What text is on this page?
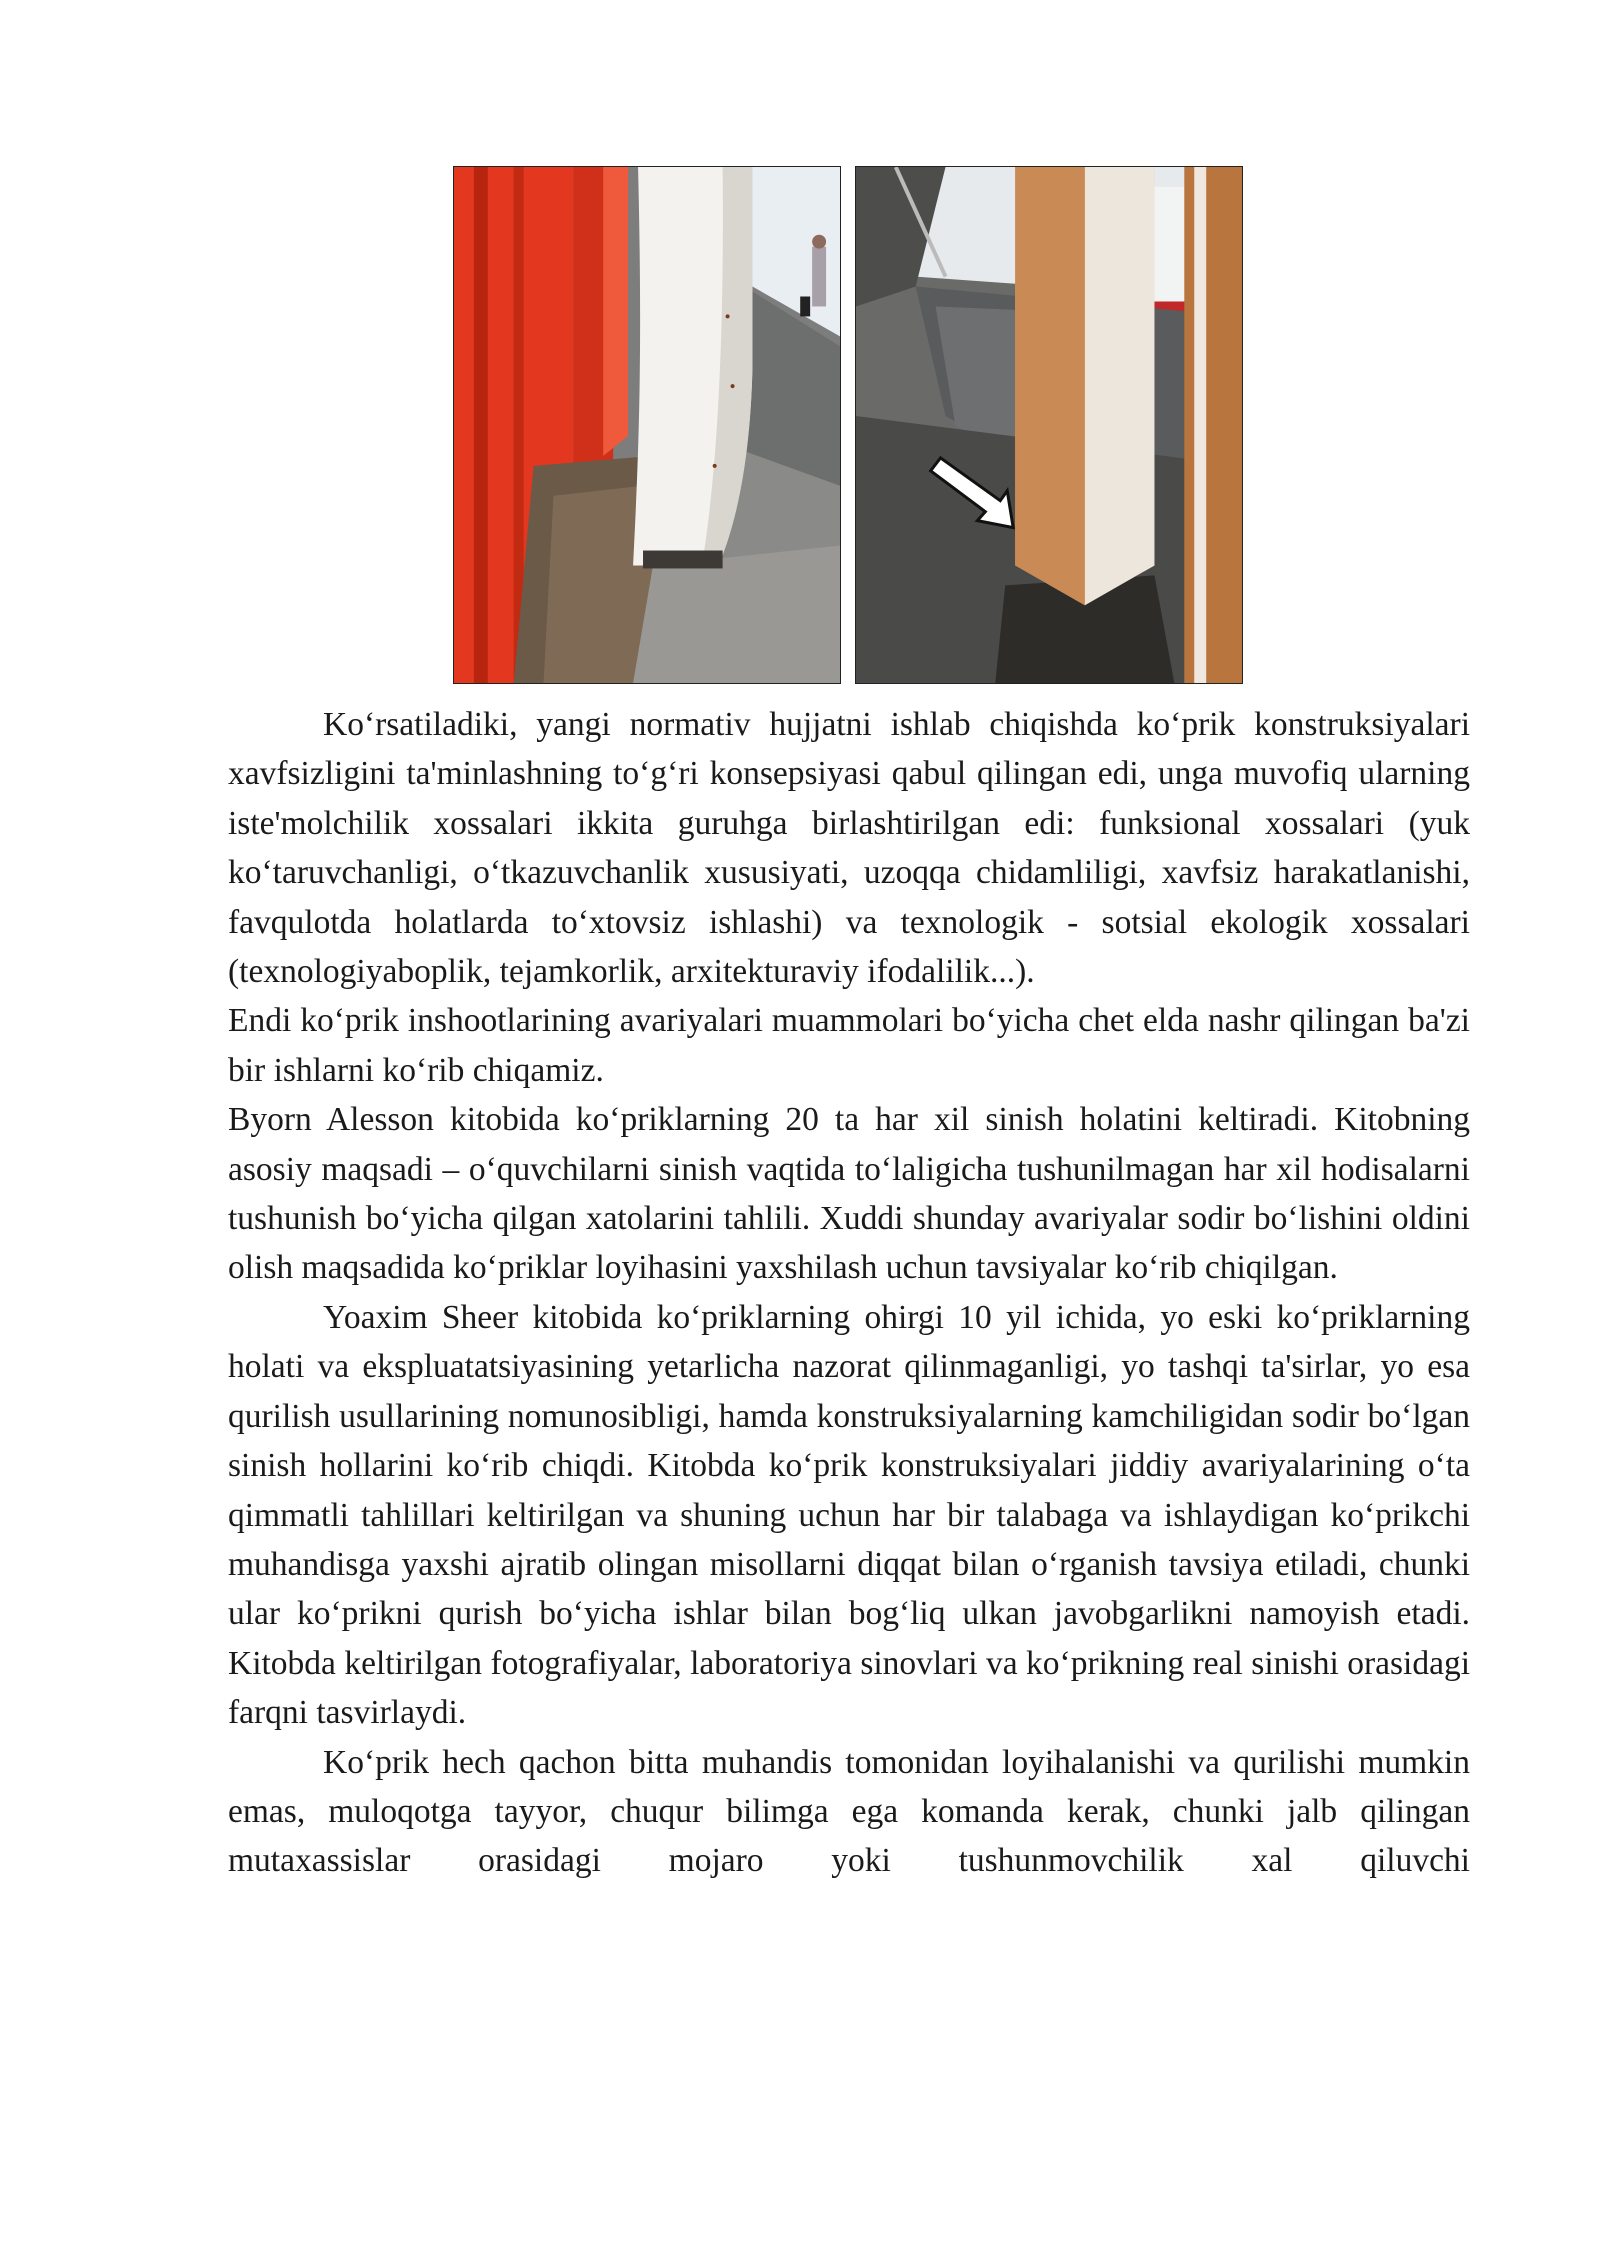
Koʻrsatiladiki, yangi normativ hujjatni ishlab chiqishda koʻprik konstruksiyalari xavfsizligini ta'minlashning toʻgʻri konsepsiyasi qabul qilingan edi, unga muvofiq ularning iste'molchilik xossalari ikkita guruhga birlashtirilgan edi: funksional xossalari (yuk koʻtaruvchanligi, oʻtkazuvchanlik xususiyati, uzoqqa chidamliligi, xavfsiz harakatlanishi, favqulotda holatlarda toʻxtovsiz ishlashi) va texnologik - sotsial ekologik xossalari (texnologiyaboplik, tejamkorlik, arxitekturaviy ifodalilik...).

Endi koʻprik inshootlarining avariyalari muammolari boʻyicha chet elda nashr qilingan ba'zi bir ishlarni koʻrib chiqamiz.

Byorn Alesson kitobida koʻpriklarning 20 ta har xil sinish holatini keltiradi. Kitobning asosiy maqsadi – oʻquvchilarni sinish vaqtida toʻlaligicha tushunilmagan har xil hodisalarni tushunish boʻyicha qilgan xatolarini tahlili. Xuddi shunday avariyalar sodir boʻlishini oldini olish maqsadida koʻpriklar loyihasini yaxshilash uchun tavsiyalar koʻrib chiqilgan.

Yoaxim Sheer kitobida koʻpriklarning ohirgi 10 yil ichida, yo eski koʻpriklarning holati va ekspluatatsiyasining yetarlicha nazorat qilinmaganligi, yo tashqi ta'sirlar, yo esa qurilish usullarining nomunosibligi, hamda konstruksiyalarning kamchiligidan sodir boʻlgan sinish hollarini koʻrib chiqdi. Kitobda koʻprik konstruksiyalari jiddiy avariyalarining oʻta qimmatli tahlillari keltirilgan va shuning uchun har bir talabaga va ishlaydigan koʻprikchi muhandisga yaxshi ajratib olingan misollarni diqqat bilan oʻrganish tavsiya etiladi, chunki ular koʻprikni qurish boʻyicha ishlar bilan bogʻliq ulkan javobgarlikni namoyish etadi. Kitobda keltirilgan fotografiyalar, laboratoriya sinovlari va koʻprikning real sinishi orasidagi farqni tasvirlaydi.

Koʻprik hech qachon bitta muhandis tomonidan loyihalanishi va qurilishi mumkin emas, muloqotga tayyor, chuqur bilimga ega komanda kerak, chunki jalb qilingan mutaxassislar orasidagi mojaro yoki tushunmovchilik xal qiluvchi
